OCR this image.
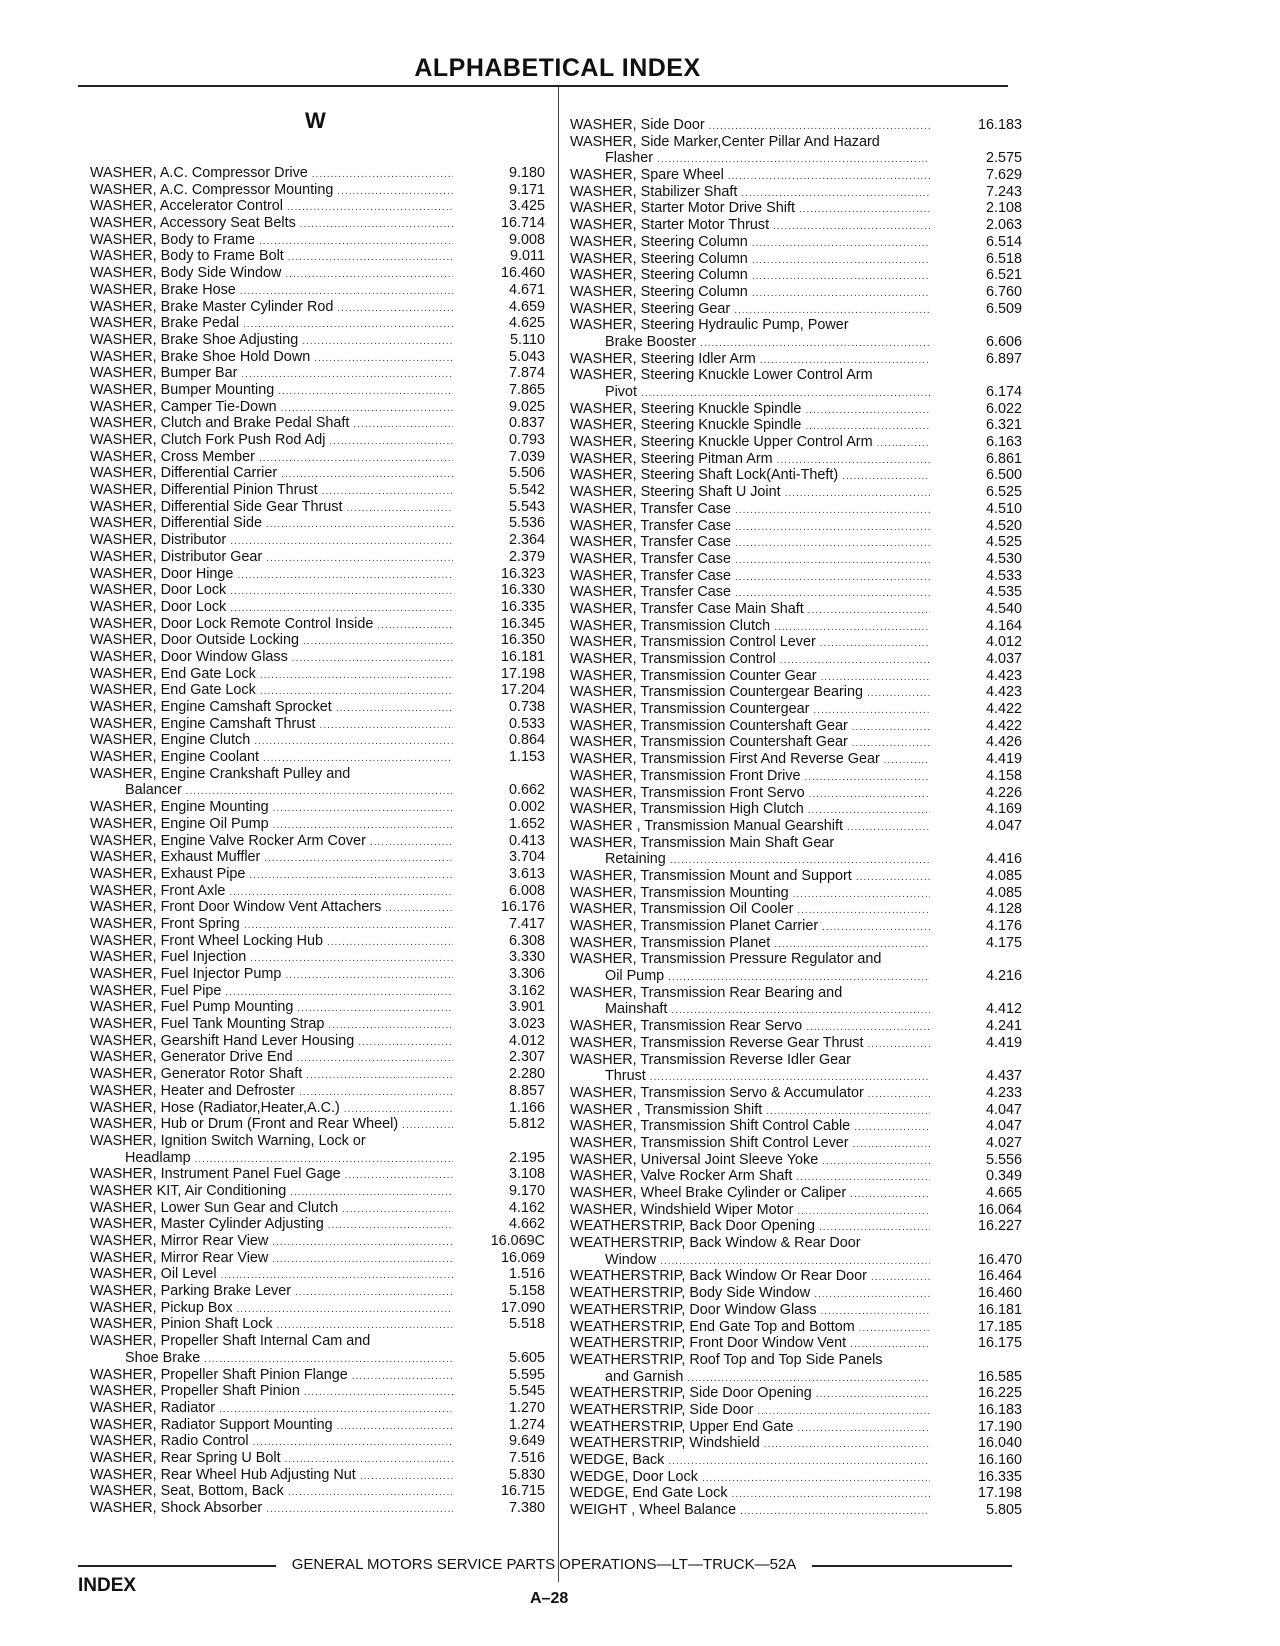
ALPHABETICAL INDEX
W
WASHER, A.C. Compressor Drive .....	9.180
WASHER, A.C. Compressor Mounting .....	9.171
WASHER, Accelerator Control .....	3.425
WASHER, Accessory Seat Belts .....	16.714
WASHER, Body to Frame .....	9.008
WASHER, Body to Frame Bolt .....	9.011
WASHER, Body Side Window .....	16.460
WASHER, Brake Hose .....	4.671
WASHER, Brake Master Cylinder Rod .....	4.659
WASHER, Brake Pedal .....	4.625
WASHER, Brake Shoe Adjusting .....	5.110
WASHER, Brake Shoe Hold Down .....	5.043
WASHER, Bumper Bar .....	7.874
WASHER, Bumper Mounting .....	7.865
WASHER, Camper Tie-Down .....	9.025
WASHER, Clutch and Brake Pedal Shaft .....	0.837
WASHER, Clutch Fork Push Rod Adj .....	0.793
WASHER, Cross Member .....	7.039
WASHER, Differential Carrier .....	5.506
WASHER, Differential Pinion Thrust .....	5.542
WASHER, Differential Side Gear Thrust .....	5.543
WASHER, Differential Side .....	5.536
WASHER, Distributor .....	2.364
WASHER, Distributor Gear .....	2.379
WASHER, Door Hinge .....	16.323
WASHER, Door Lock .....	16.330
WASHER, Door Lock .....	16.335
WASHER, Door Lock Remote Control Inside .....	16.345
WASHER, Door Outside Locking .....	16.350
WASHER, Door Window Glass .....	16.181
WASHER, End Gate Lock .....	17.198
WASHER, End Gate Lock .....	17.204
WASHER, Engine Camshaft Sprocket .....	0.738
WASHER, Engine Camshaft Thrust .....	0.533
WASHER, Engine Clutch .....	0.864
WASHER, Engine Coolant .....	1.153
WASHER, Engine Crankshaft Pulley and
Balancer .....	0.662
WASHER, Engine Mounting .....	0.002
WASHER, Engine Oil Pump .....	1.652
WASHER, Engine Valve Rocker Arm Cover .....	0.413
WASHER, Exhaust Muffler .....	3.704
WASHER, Exhaust Pipe .....	3.613
WASHER, Front Axle .....	6.008
WASHER, Front Door Window Vent Attachers .....	16.176
WASHER, Front Spring .....	7.417
WASHER, Front Wheel Locking Hub .....	6.308
WASHER, Fuel Injection .....	3.330
WASHER, Fuel Injector Pump .....	3.306
WASHER, Fuel Pipe .....	3.162
WASHER, Fuel Pump Mounting .....	3.901
WASHER, Fuel Tank Mounting Strap .....	3.023
WASHER, Gearshift Hand Lever Housing .....	4.012
WASHER, Generator Drive End .....	2.307
WASHER, Generator Rotor Shaft .....	2.280
WASHER, Heater and Defroster .....	8.857
WASHER, Hose (Radiator,Heater,A.C.) .....	1.166
WASHER, Hub or Drum (Front and Rear Wheel) .....	5.812
WASHER, Ignition Switch Warning, Lock or
Headlamp .....	2.195
WASHER, Instrument Panel Fuel Gage .....	3.108
WASHER KIT, Air Conditioning .....	9.170
WASHER, Lower Sun Gear and Clutch .....	4.162
WASHER, Master Cylinder Adjusting .....	4.662
WASHER, Mirror Rear View .....	16.069C
WASHER, Mirror Rear View .....	16.069
WASHER, Oil Level .....	1.516
WASHER, Parking Brake Lever .....	5.158
WASHER, Pickup Box .....	17.090
WASHER, Pinion Shaft Lock .....	5.518
WASHER, Propeller Shaft Internal Cam and
Shoe Brake .....	5.605
WASHER, Propeller Shaft Pinion Flange .....	5.595
WASHER, Propeller Shaft Pinion .....	5.545
WASHER, Radiator .....	1.270
WASHER, Radiator Support Mounting .....	1.274
WASHER, Radio Control .....	9.649
WASHER, Rear Spring U Bolt .....	7.516
WASHER, Rear Wheel Hub Adjusting Nut .....	5.830
WASHER, Seat, Bottom, Back .....	16.715
WASHER, Shock Absorber .....	7.380
WASHER, Side Door .....	16.183
WASHER, Side Marker,Center Pillar And Hazard
Flasher .....	2.575
WASHER, Spare Wheel .....	7.629
WASHER, Stabilizer Shaft .....	7.243
WASHER, Starter Motor Drive Shift .....	2.108
WASHER, Starter Motor Thrust .....	2.063
WASHER, Steering Column .....	6.514
WASHER, Steering Column .....	6.518
WASHER, Steering Column .....	6.521
WASHER, Steering Column .....	6.760
WASHER, Steering Gear .....	6.509
WASHER, Steering Hydraulic Pump, Power
Brake Booster .....	6.606
WASHER, Steering Idler Arm .....	6.897
WASHER, Steering Knuckle Lower Control Arm
Pivot .....	6.174
WASHER, Steering Knuckle Spindle .....	6.022
WASHER, Steering Knuckle Spindle .....	6.321
WASHER, Steering Knuckle Upper Control Arm .....	6.163
WASHER, Steering Pitman Arm .....	6.861
WASHER, Steering Shaft Lock(Anti-Theft) .....	6.500
WASHER, Steering Shaft U Joint .....	6.525
WASHER, Transfer Case .....	4.510
WASHER, Transfer Case .....	4.520
WASHER, Transfer Case .....	4.525
WASHER, Transfer Case .....	4.530
WASHER, Transfer Case .....	4.533
WASHER, Transfer Case .....	4.535
WASHER, Transfer Case Main Shaft .....	4.540
WASHER, Transmission Clutch .....	4.164
WASHER, Transmission Control Lever .....	4.012
WASHER, Transmission Control .....	4.037
WASHER, Transmission Counter Gear .....	4.423
WASHER, Transmission Countergear Bearing .....	4.423
WASHER, Transmission Countergear .....	4.422
WASHER, Transmission Countershaft Gear .....	4.422
WASHER, Transmission Countershaft Gear .....	4.426
WASHER, Transmission First And Reverse Gear .....	4.419
WASHER, Transmission Front Drive .....	4.158
WASHER, Transmission Front Servo .....	4.226
WASHER, Transmission High Clutch .....	4.169
WASHER , Transmission Manual Gearshift .....	4.047
WASHER, Transmission Main Shaft Gear
Retaining .....	4.416
WASHER, Transmission Mount and Support .....	4.085
WASHER, Transmission Mounting .....	4.085
WASHER, Transmission Oil Cooler .....	4.128
WASHER, Transmission Planet Carrier .....	4.176
WASHER, Transmission Planet .....	4.175
WASHER, Transmission Pressure Regulator and
Oil Pump .....	4.216
WASHER, Transmission Rear Bearing and
Mainshaft .....	4.412
WASHER, Transmission Rear Servo .....	4.241
WASHER, Transmission Reverse Gear Thrust .....	4.419
WASHER, Transmission Reverse Idler Gear
Thrust .....	4.437
WASHER, Transmission Servo & Accumulator .....	4.233
WASHER , Transmission Shift .....	4.047
WASHER, Transmission Shift Control Cable .....	4.047
WASHER, Transmission Shift Control Lever .....	4.027
WASHER, Universal Joint Sleeve Yoke .....	5.556
WASHER, Valve Rocker Arm Shaft .....	0.349
WASHER, Wheel Brake Cylinder or Caliper .....	4.665
WASHER, Windshield Wiper Motor .....	16.064
WEATHERSTRIP, Back Door Opening .....	16.227
WEATHERSTRIP, Back Window & Rear Door
Window .....	16.470
WEATHERSTRIP, Back Window Or Rear Door .....	16.464
WEATHERSTRIP, Body Side Window .....	16.460
WEATHERSTRIP, Door Window Glass .....	16.181
WEATHERSTRIP, End Gate Top and Bottom .....	17.185
WEATHERSTRIP, Front Door Window Vent .....	16.175
WEATHERSTRIP, Roof Top and Top Side Panels
and Garnish .....	16.585
WEATHERSTRIP, Side Door Opening .....	16.225
WEATHERSTRIP, Side Door .....	16.183
WEATHERSTRIP, Upper End Gate .....	17.190
WEATHERSTRIP, Windshield .....	16.040
WEDGE, Back .....	16.160
WEDGE, Door Lock .....	16.335
WEDGE, End Gate Lock .....	17.198
WEIGHT , Wheel Balance .....	5.805
GENERAL MOTORS SERVICE PARTS OPERATIONS—LT—TRUCK—52A
INDEX
A–28
